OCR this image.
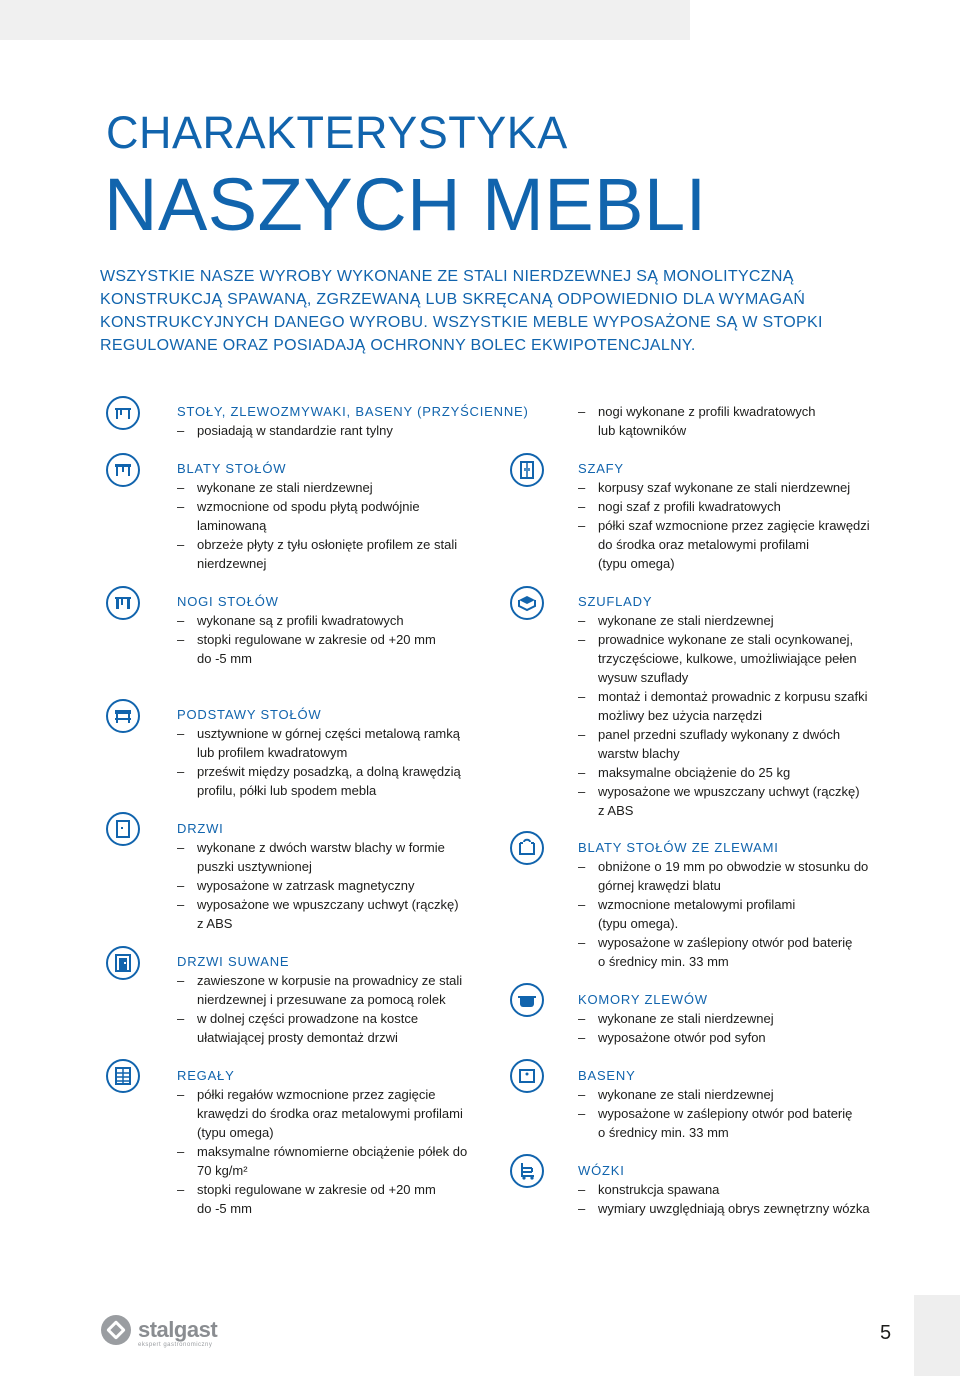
CHARAKTERYSTYKA
NASZYCH MEBLI
WSZYSTKIE NASZE WYROBY WYKONANE ZE STALI NIERDZEWNEJ SĄ MONOLITYCZNĄ
KONSTRUKCJĄ SPAWANĄ, ZGRZEWANĄ LUB SKRĘCANĄ ODPOWIEDNIO DLA WYMAGAŃ
KONSTRUKCYJNYCH DANEGO WYROBU. WSZYSTKIE MEBLE WYPOSAŻONE SĄ W STOPKI
REGULOWANE ORAZ POSIADAJĄ OCHRONNY BOLEC EKWIPOTENCJALNY.
STOŁY, ZLEWOZMYWAKI, BASENY (PRZYŚCIENNE)
– posiadają w standardzie rant tylny
BLATY STOŁÓW
– wykonane ze stali nierdzewnej
– wzmocnione od spodu płytą podwójnie
laminowaną
– obrzeże płyty z tyłu osłonięte profilem ze stali
nierdzewnej
NOGI STOŁÓW
– wykonane są z profili kwadratowych
– stopki regulowane w zakresie od +20 mm
do -5 mm
PODSTAWY STOŁÓW
– usztywnione w górnej części metalową ramką
lub profilem kwadratowym
– prześwit między posadzką, a dolną krawędzią
profilu, półki lub spodem mebla
DRZWI
– wykonane z dwóch warstw blachy w formie
puszki usztywnionej
– wyposażone w zatrzask magnetyczny
– wyposażone we wpuszczany uchwyt (rączkę)
z ABS
DRZWI SUWANE
– zawieszone w korpusie na prowadnicy ze stali
nierdzewnej i przesuwane za pomocą rolek
– w dolnej części prowadzone na kostce
ułatwiającej prosty demontaż drzwi
REGAŁY
– półki regałów wzmocnione przez zagięcie
krawędzi do środka oraz metalowymi profilami
(typu omega)
– maksymalne równomierne obciążenie półek do
70 kg/m²
– stopki regulowane w zakresie od +20 mm
do -5 mm
– nogi wykonane z profili kwadratowych
lub kątowników
SZAFY
– korpusy szaf wykonane ze stali nierdzewnej
– nogi szaf z profili kwadratowych
– półki szaf wzmocnione przez zagięcie krawędzi
do środka oraz metalowymi profilami
(typu omega)
SZUFLADY
– wykonane ze stali nierdzewnej
– prowadnice wykonane ze stali ocynkowanej,
trzyczęściowe, kulkowe, umożliwiające pełen
wysuw szuflady
– montaż i demontaż prowadnic z korpusu szafki
możliwy bez użycia narzędzi
– panel przedni szuflady wykonany z dwóch
warstw blachy
– maksymalne obciążenie do 25 kg
– wyposażone we wpuszczany uchwyt (rączkę)
z ABS
BLATY STOŁÓW ZE ZLEWAMI
– obniżone o 19 mm po obwodzie w stosunku do
górnej krawędzi blatu
– wzmocnione metalowymi profilami
(typu omega).
– wyposażone w zaślepiony otwór pod baterię
o średnicy min. 33 mm
KOMORY ZLEWÓW
– wykonane ze stali nierdzewnej
– wyposażone otwór pod syfon
BASENY
– wykonane ze stali nierdzewnej
– wyposażone w zaślepiony otwór pod baterię
o średnicy min. 33 mm
WÓZKI
– konstrukcja spawana
– wymiary uwzględniają obrys zewnętrzny wózka
stalgast
ekspert gastronomiczny
5
